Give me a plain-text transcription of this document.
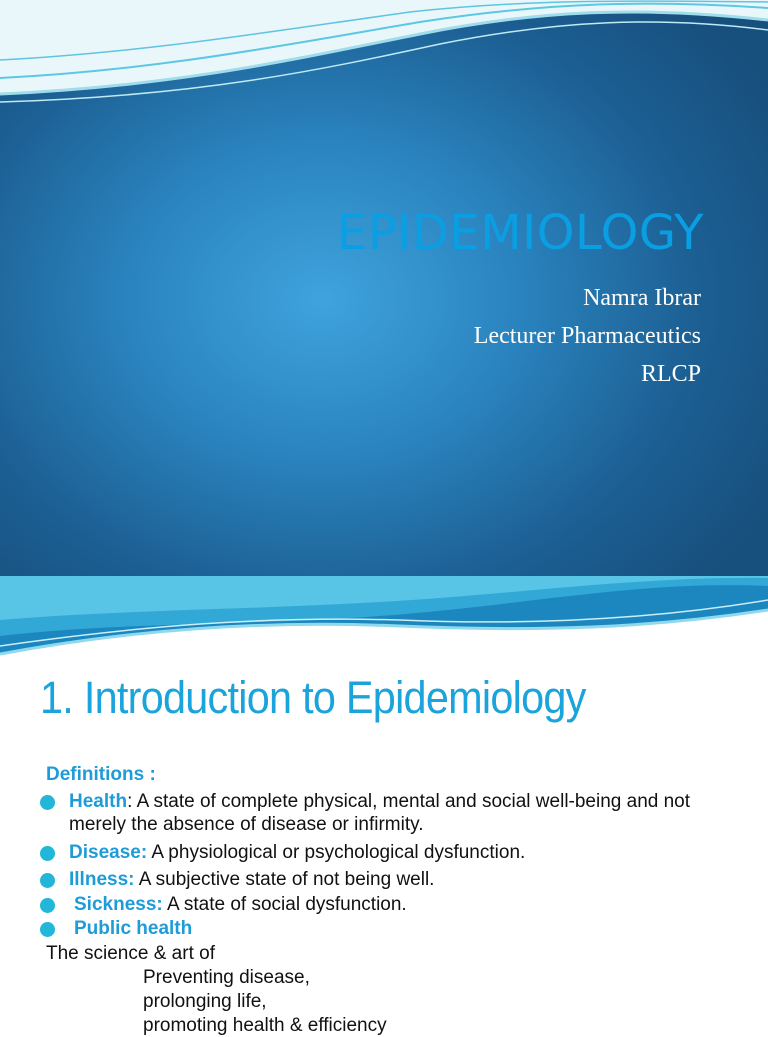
EPIDEMIOLOGY
Namra Ibrar
Lecturer Pharmaceutics
RLCP
1. Introduction to Epidemiology
Definitions :
Health: A state of complete physical, mental and social well-being and not merely the absence of disease or infirmity.
Disease: A physiological or psychological dysfunction.
Illness: A subjective state of not being well.
Sickness: A state of social dysfunction.
Public health
The science & art of
Preventing disease,
prolonging life,
promoting health & efficiency
